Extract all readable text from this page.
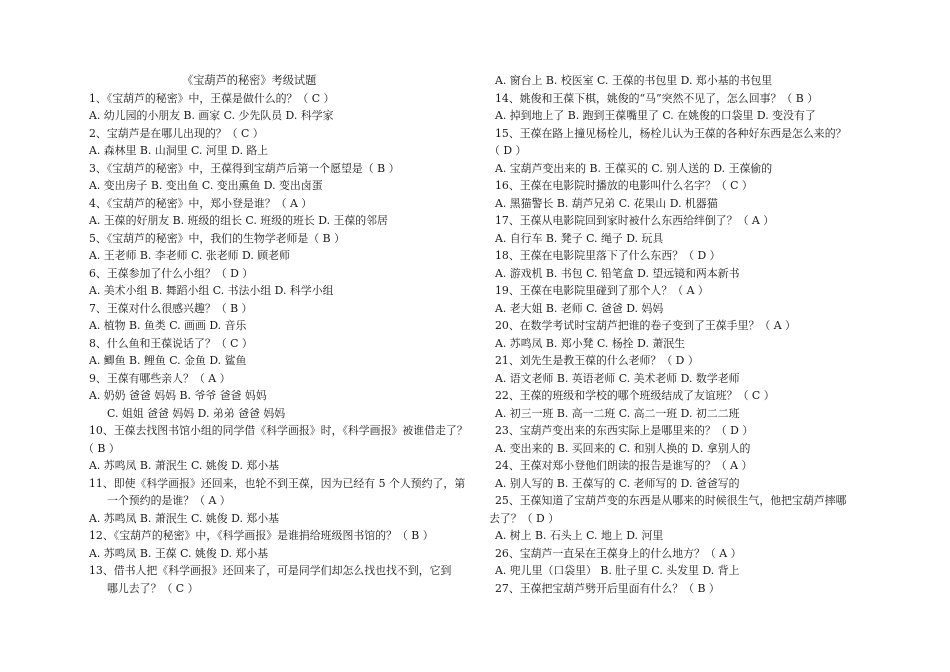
《宝葫芦的秘密》考级试题
1、《宝葫芦的秘密》中，王葆是做什么的？（ C ）
A. 幼儿园的小朋友 B. 画家 C. 少先队员 D. 科学家
2、宝葫芦是在哪儿出现的？（ C ）
A. 森林里 B. 山洞里 C. 河里 D. 路上
3、《宝葫芦的秘密》中，王葆得到宝葫芦后第一个愿望是（ B ）
A. 变出房子 B. 变出鱼 C. 变出熏鱼 D. 变出卤蛋
4、《宝葫芦的秘密》中，郑小登是谁？（ A ）
A. 王葆的好朋友 B. 班级的组长 C. 班级的班长 D. 王葆的邻居
5、《宝葫芦的秘密》中，我们的生物学老师是（ B ）
A. 王老师 B. 李老师 C. 张老师 D. 顾老师
6、王葆参加了什么小组？（ D ）
A. 美术小组 B. 舞蹈小组 C. 书法小组 D. 科学小组
7、王葆对什么很感兴趣？（ B ）
A. 植物 B. 鱼类 C. 画画 D. 音乐
8、什么鱼和王葆说话了？（ C ）
A. 鲫鱼 B. 鲤鱼 C. 金鱼 D. 鲨鱼
9、王葆有哪些亲人？（ A ）
A. 奶奶 爸爸 妈妈 B. 爷爷 爸爸 妈妈
C. 姐姐 爸爸 妈妈 D. 弟弟 爸爸 妈妈
10、王葆去找图书馆小组的同学借《科学画报》时，《科学画报》被谁借走了？
（ B ）
A. 苏鸣凤 B. 萧泯生 C. 姚俊 D. 郑小基
11、即使《科学画报》还回来，也轮不到王葆，因为已经有 5 个人预约了，第
一个预约的是谁？（ A ）
A. 苏鸣凤 B. 萧泯生 C. 姚俊 D. 郑小基
12、《宝葫芦的秘密》中，《科学画报》是谁捐给班级图书馆的？（ B ）
A. 苏鸣凤 B. 王葆 C. 姚俊 D. 郑小基
13、借书人把《科学画报》还回来了，可是同学们却怎么找也找不到，它到
哪儿去了？（ C ）
A. 窗台上 B. 校医室 C. 王葆的书包里 D. 郑小基的书包里
14、姚俊和王葆下棋，姚俊的“马”突然不见了，怎么回事？（ B ）
A. 掉到地上了 B. 跑到王葆嘴里了 C. 在姚俊的口袋里 D. 变没有了
15、王葆在路上撞见杨栓儿，杨栓儿认为王葆的各种好东西是怎么来的？
（ D ）
A. 宝葫芦变出来的 B. 王葆买的 C. 别人送的 D. 王葆偷的
16、王葆在电影院时播放的电影叫什么名字？（ C ）
A. 黑猫警长 B. 葫芦兄弟 C. 花果山 D. 机器猫
17、王葆从电影院回到家时被什么东西给绊倒了？（ A ）
A. 自行车 B. 凳子 C. 绳子 D. 玩具
18、王葆在电影院里落下了什么东西？（ D ）
A. 游戏机 B. 书包 C. 铅笔盒 D. 望远镜和两本新书
19、王葆在电影院里碰到了那个人？（ A ）
A. 老大姐 B. 老师 C. 爸爸 D. 妈妈
20、在数学考试时宝葫芦把谁的卷子变到了王葆手里？（ A ）
A. 苏鸣凤 B. 郑小凳 C. 杨拴 D. 萧泯生
21、刘先生是教王葆的什么老师？（ D ）
A. 语文老师 B. 英语老师 C. 美术老师 D. 数学老师
22、王葆的班级和学校的哪个班级结成了友谊班？（ C ）
A. 初三一班 B. 高一二班 C. 高二一班 D. 初二二班
23、宝葫芦变出来的东西实际上是哪里来的？（ D ）
A. 变出来的 B. 买回来的 C. 和别人换的 D. 拿别人的
24、王葆对郑小登他们朗读的报告是谁写的？（ A ）
A. 别人写的 B. 王葆写的 C. 老师写的 D. 爸爸写的
25、王葆知道了宝葫芦变的东西是从哪来的时候很生气，他把宝葫芦摔哪
去了？（ D ）
A. 树上 B. 石头上 C. 地上 D. 河里
26、宝葫芦一直呆在王葆身上的什么地方？（ A ）
A. 兜儿里（口袋里） B. 肚子里 C. 头发里 D. 背上
27、王葆把宝葫芦劈开后里面有什么？（ B ）
